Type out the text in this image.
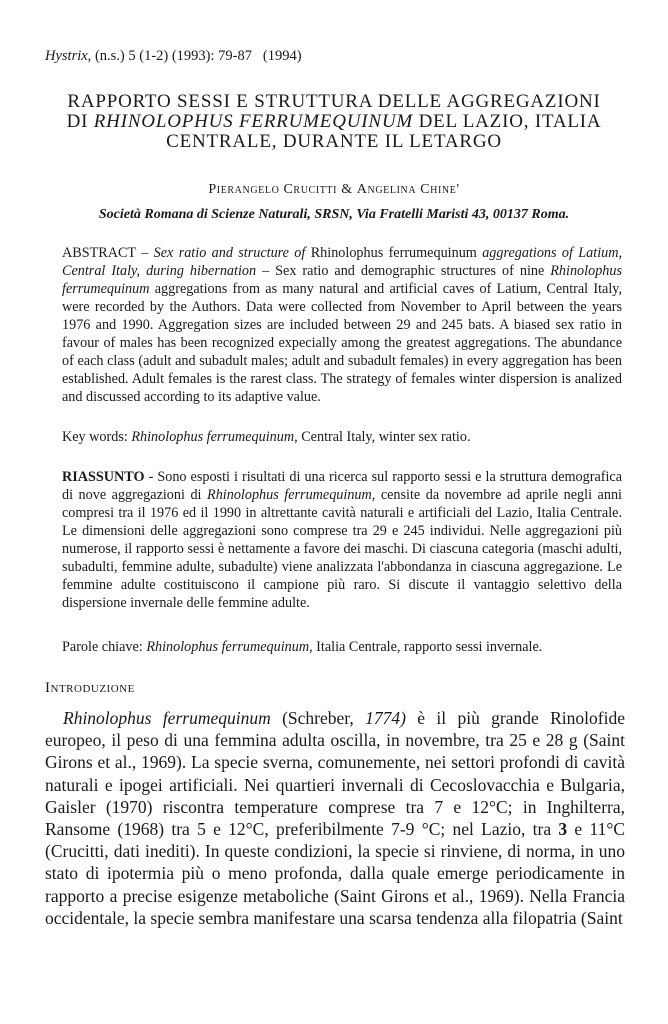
Hystrix, (n.s.) 5 (1-2) (1993): 79-87 (1994)
RAPPORTO SESSI E STRUTTURA DELLE AGGREGAZIONI
DI RHINOLOPHUS FERRUMEQUINUM DEL LAZIO, ITALIA
CENTRALE, DURANTE IL LETARGO
Pierangelo Crucitti & Angelina Chine'
Società Romana di Scienze Naturali, SRSN, Via Fratelli Maristi 43, 00137 Roma.
ABSTRACT – Sex ratio and structure of Rhinolophus ferrumequinum aggregations of Latium, Central Italy, during hibernation – Sex ratio and demographic structures of nine Rhinolophus ferrumequinum aggregations from as many natural and artificial caves of Latium, Central Italy, were recorded by the Authors. Data were collected from November to April between the years 1976 and 1990. Aggregation sizes are included between 29 and 245 bats. A biased sex ratio in favour of males has been recognized expecially among the greatest aggregations. The abundance of each class (adult and subadult males; adult and subadult females) in every aggregation has been established. Adult females is the rarest class. The strategy of females winter dispersion is analized and discussed according to its adaptive value.
Key words: Rhinolophus ferrumequinum, Central Italy, winter sex ratio.
RIASSUNTO - Sono esposti i risultati di una ricerca sul rapporto sessi e la struttura demografica di nove aggregazioni di Rhinolophus ferrumequinum, censite da novembre ad aprile negli anni compresi tra il 1976 ed il 1990 in altrettante cavità naturali e artificiali del Lazio, Italia Centrale. Le dimensioni delle aggregazioni sono comprese tra 29 e 245 individui. Nelle aggregazioni più numerose, il rapporto sessi è nettamente a favore dei maschi. Di ciascuna categoria (maschi adulti, subadulti, femmine adulte, subadulte) viene analizzata l'abbondanza in ciascuna aggregazione. Le femmine adulte costituiscono il campione più raro. Si discute il vantaggio selettivo della dispersione invernale delle femmine adulte.
Parole chiave: Rhinolophus ferrumequinum, Italia Centrale, rapporto sessi invernale.
Introduzione
Rhinolophus ferrumequinum (Schreber, 1774) è il più grande Rinolofide europeo, il peso di una femmina adulta oscilla, in novembre, tra 25 e 28 g (Saint Girons et al., 1969). La specie sverna, comunemente, nei settori profondi di cavità naturali e ipogei artificiali. Nei quartieri invernali di Cecoslovacchia e Bulgaria, Gaisler (1970) riscontra temperature comprese tra 7 e 12°C; in Inghilterra, Ransome (1968) tra 5 e 12°C, preferibilmente 7-9 °C; nel Lazio, tra 3 e 11°C (Crucitti, dati inediti). In queste condizioni, la specie si rinviene, di norma, in uno stato di ipotermia più o meno profonda, dalla quale emerge periodicamente in rapporto a precise esigenze metaboliche (Saint Girons et al., 1969). Nella Francia occidentale, la specie sembra manifestare una scarsa tendenza alla filopatria (Saint
